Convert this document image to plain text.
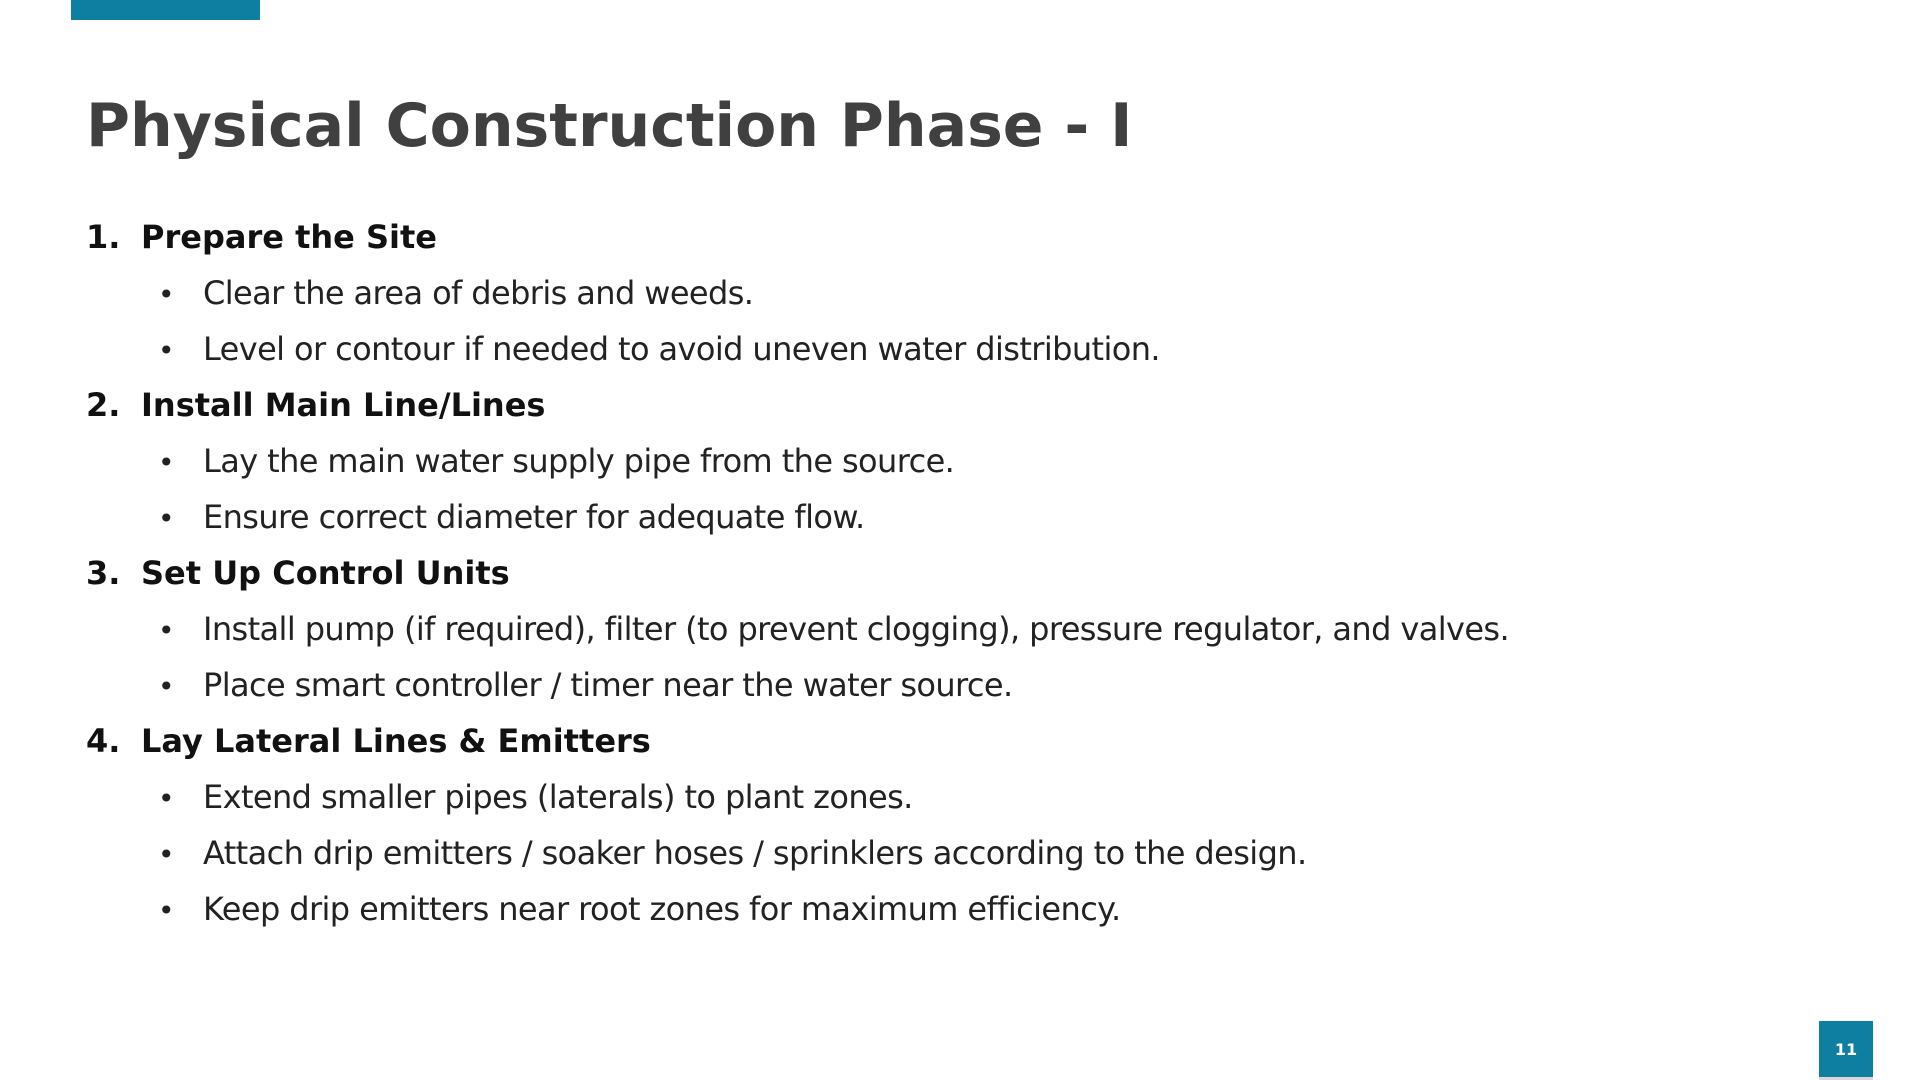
Physical Construction Phase - I
1. Prepare the Site
• Clear the area of debris and weeds.
• Level or contour if needed to avoid uneven water distribution.
2. Install Main Line/Lines
• Lay the main water supply pipe from the source.
• Ensure correct diameter for adequate flow.
3. Set Up Control Units
• Install pump (if required), filter (to prevent clogging), pressure regulator, and valves.
• Place smart controller / timer near the water source.
4. Lay Lateral Lines & Emitters
• Extend smaller pipes (laterals) to plant zones.
• Attach drip emitters / soaker hoses / sprinklers according to the design.
• Keep drip emitters near root zones for maximum efficiency.
11
